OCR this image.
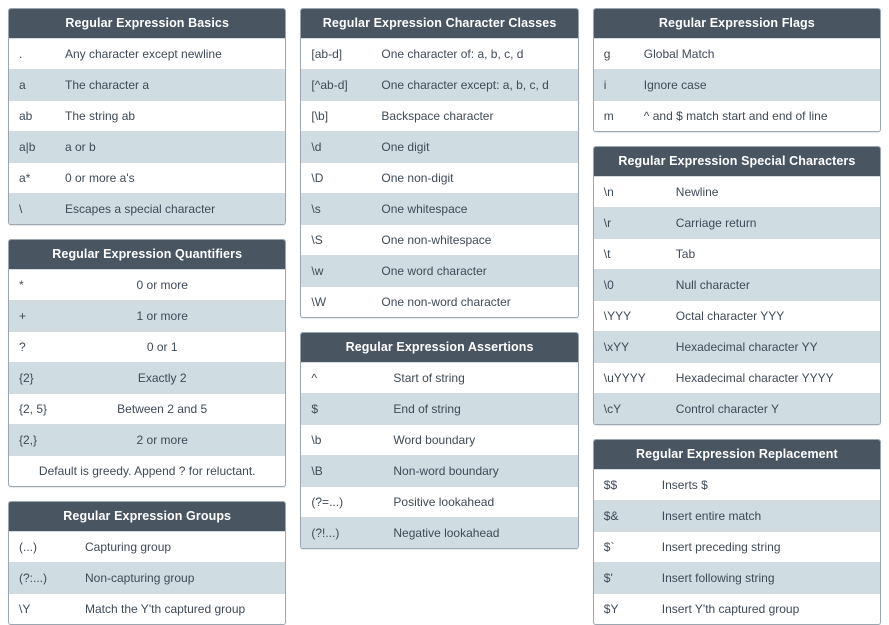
Regular Expression Basics
.	Any character except newline
a	The character a
ab	The string ab
a|b	a or b
a*	0 or more a's
\	Escapes a special character
Regular Expression Quantifiers
*	0 or more
+	1 or more
?	0 or 1
{2}	Exactly 2
{2, 5}	Between 2 and 5
{2,}	2 or more
Default is greedy. Append ? for reluctant.
Regular Expression Groups
(...)	Capturing group
(?:...)	Non-capturing group
\Y	Match the Y'th captured group
Regular Expression Character Classes
[ab-d]	One character of: a, b, c, d
[^ab-d]	One character except: a, b, c, d
[\b]	Backspace character
\d	One digit
\D	One non-digit
\s	One whitespace
\S	One non-whitespace
\w	One word character
\W	One non-word character
Regular Expression Assertions
^	Start of string
$	End of string
\b	Word boundary
\B	Non-word boundary
(?=...)	Positive lookahead
(?!...)	Negative lookahead
Regular Expression Flags
g	Global Match
i	Ignore case
m	^ and $ match start and end of line
Regular Expression Special Characters
\n	Newline
\r	Carriage return
\t	Tab
\0	Null character
\YYY	Octal character YYY
\xYY	Hexadecimal character YY
\uYYYY	Hexadecimal character YYYY
\cY	Control character Y
Regular Expression Replacement
$$	Inserts $
$&	Insert entire match
$`	Insert preceding string
$'	Insert following string
$Y	Insert Y'th captured group
